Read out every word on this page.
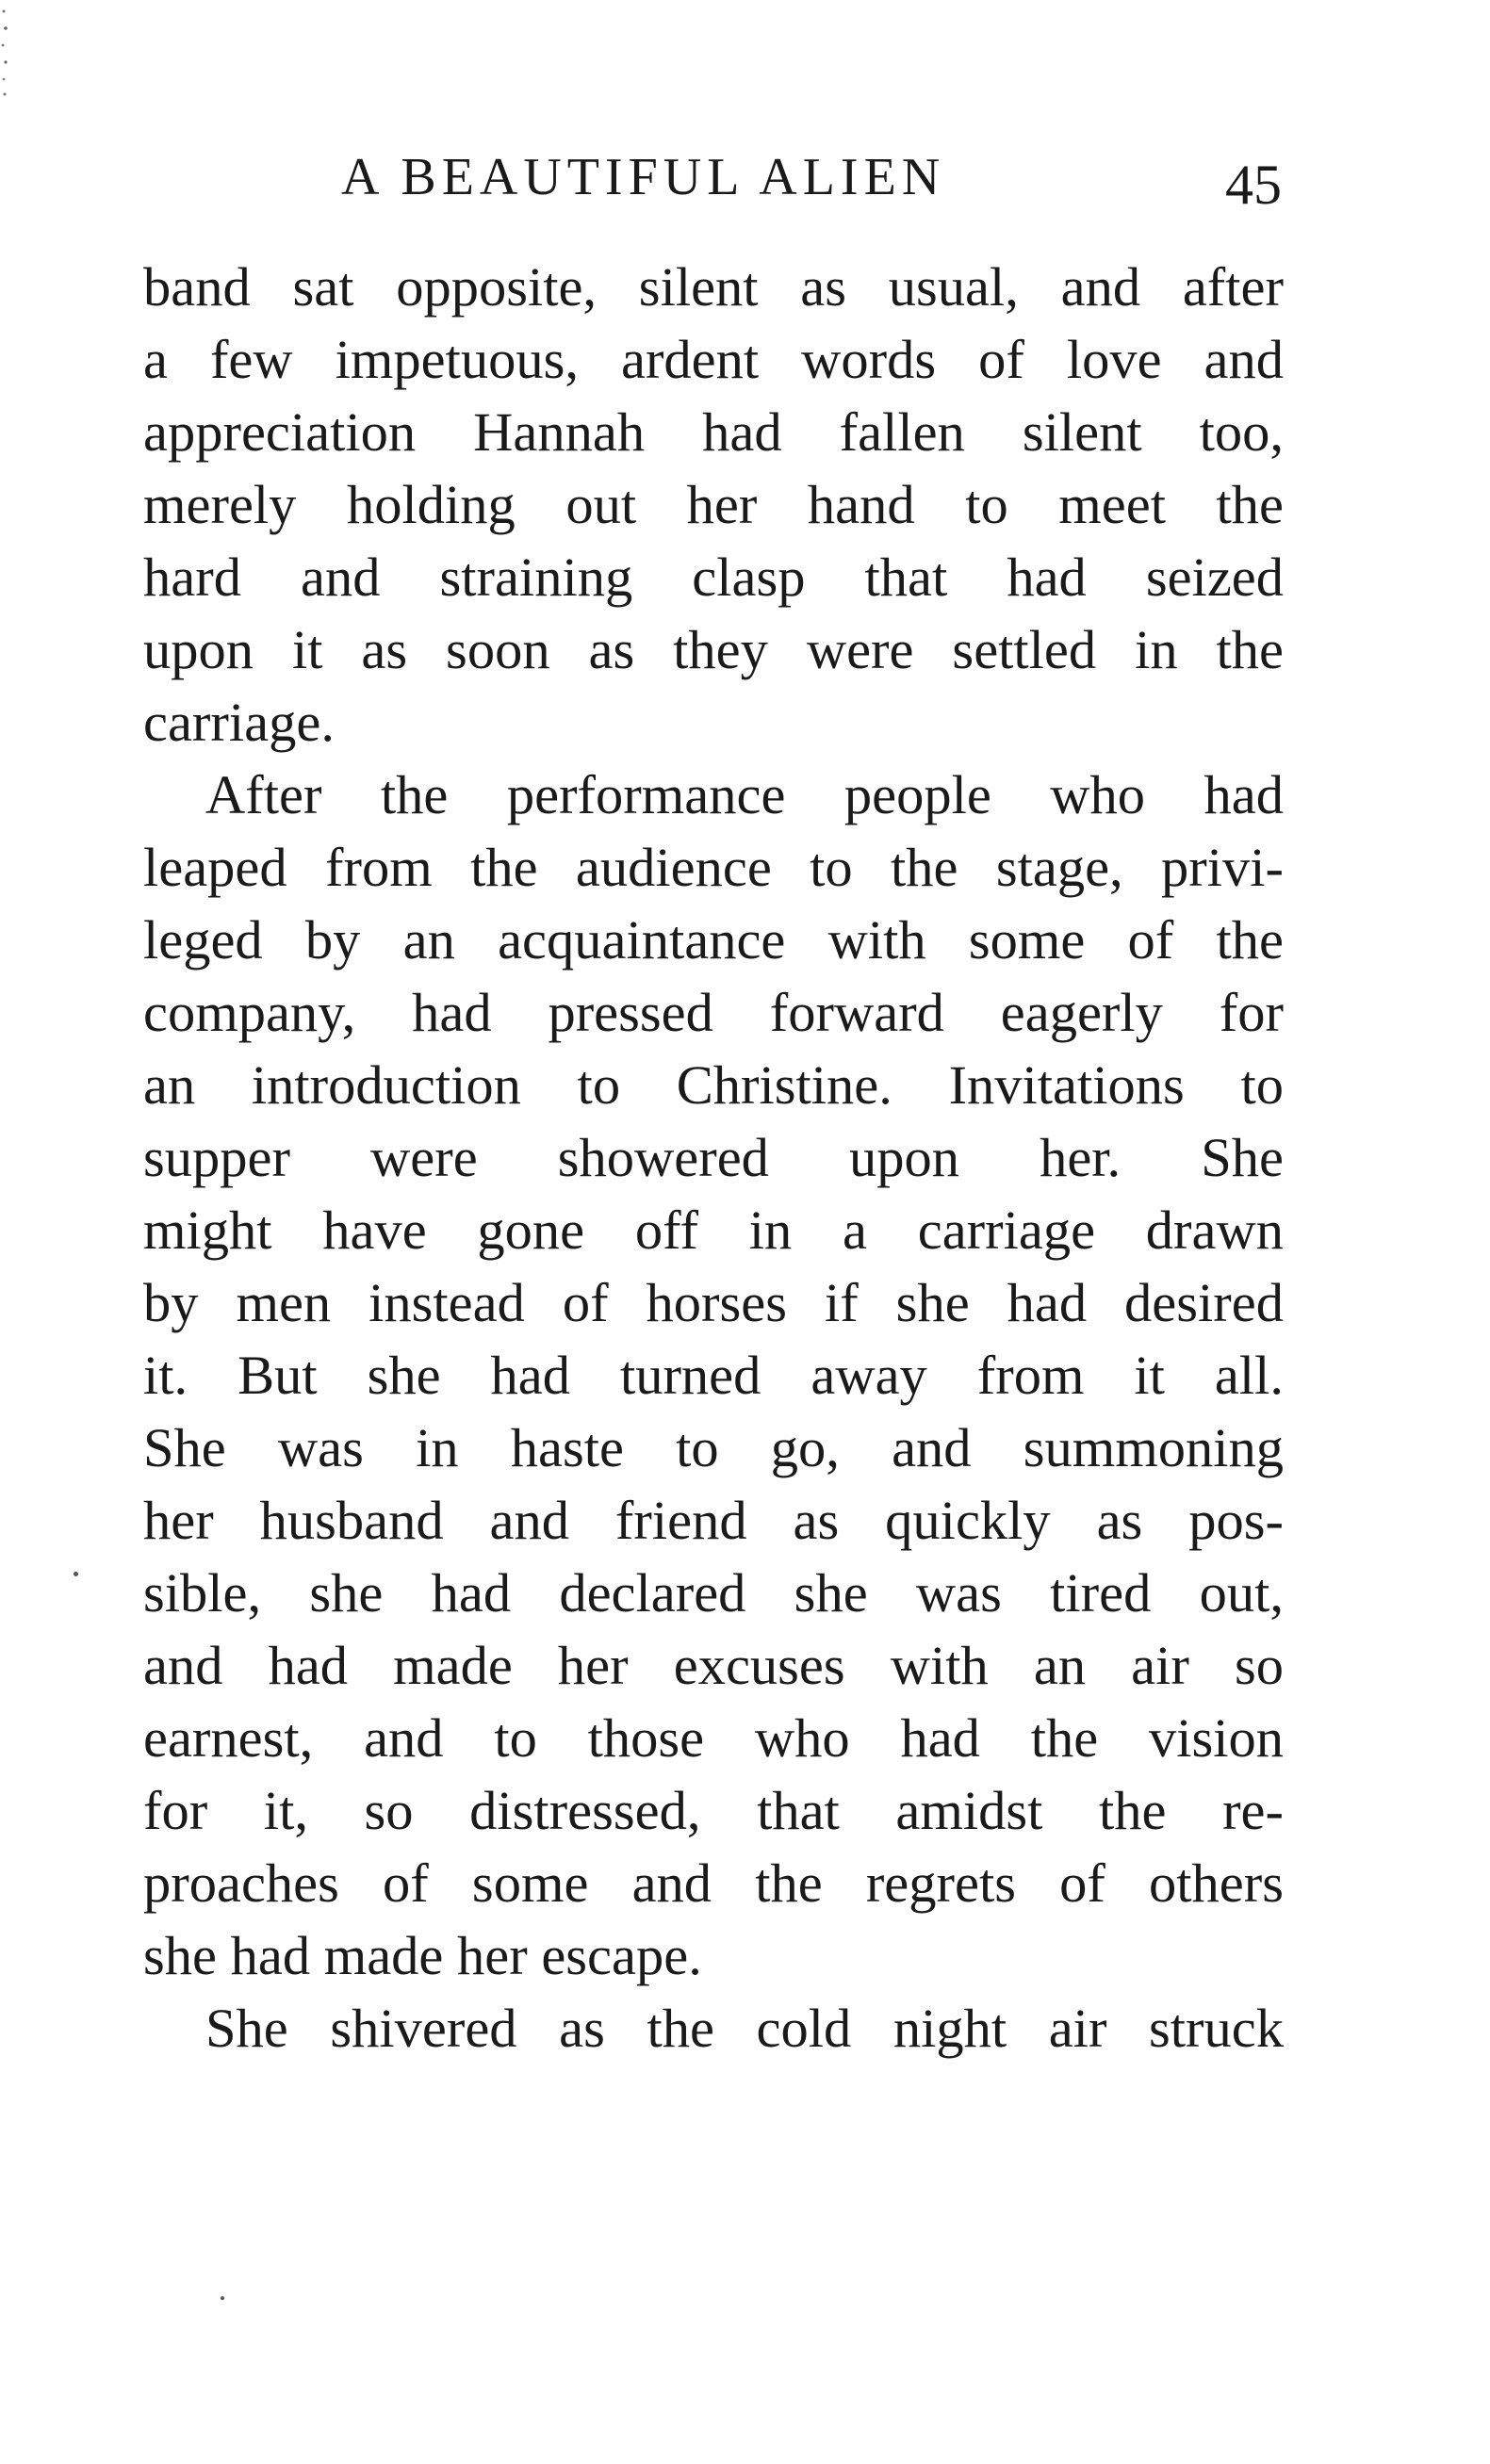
A BEAUTIFUL ALIEN	45
band sat opposite, silent as usual, and after
a few impetuous, ardent words of love and
appreciation Hannah had fallen silent too,
merely holding out her hand to meet the
hard and straining clasp that had seized
upon it as soon as they were settled in the
carriage.
After the performance people who had
leaped from the audience to the stage, privi-
leged by an acquaintance with some of the
company, had pressed forward eagerly for
an introduction to Christine. Invitations to
supper were showered upon her. She
might have gone off in a carriage drawn
by men instead of horses if she had desired
it. But she had turned away from it all.
She was in haste to go, and summoning
her husband and friend as quickly as pos-
sible, she had declared she was tired out,
and had made her excuses with an air so
earnest, and to those who had the vision
for it, so distressed, that amidst the re-
proaches of some and the regrets of others
she had made her escape.
She shivered as the cold night air struck
